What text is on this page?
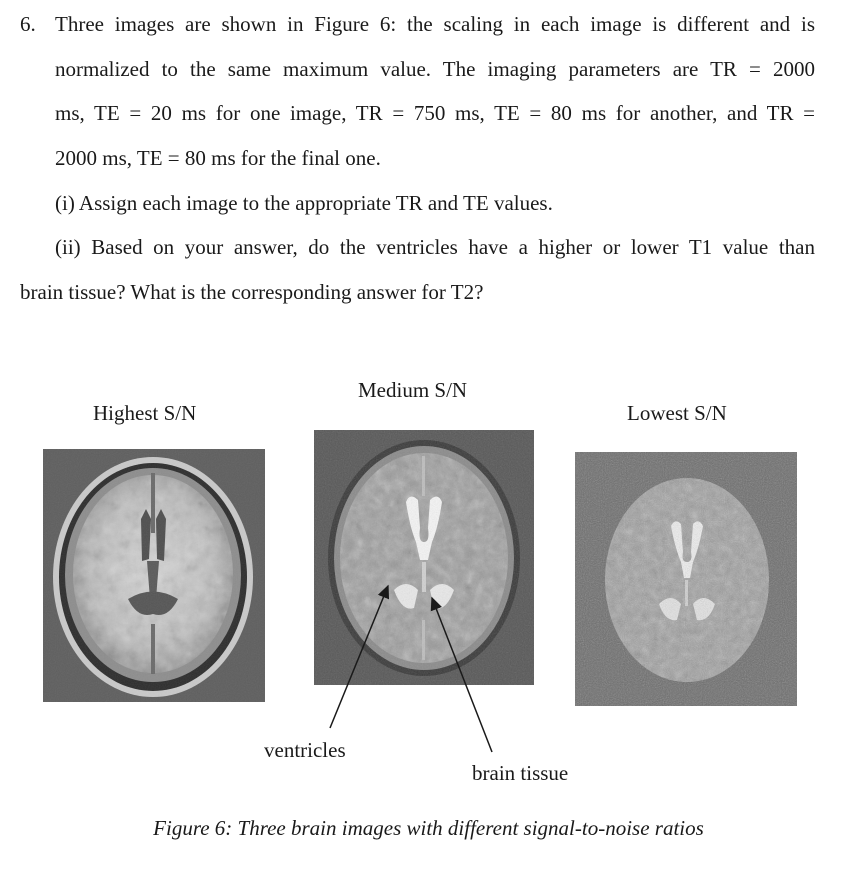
6. Three images are shown in Figure 6: the scaling in each image is different and is
normalized to the same maximum value. The imaging parameters are TR = 2000
ms, TE = 20 ms for one image, TR = 750 ms, TE = 80 ms for another, and TR =
2000 ms, TE = 80 ms for the final one.
(i) Assign each image to the appropriate TR and TE values.
(ii) Based on your answer, do the ventricles have a higher or lower T1 value than
brain tissue? What is the corresponding answer for T2?
Highest S/N
Medium S/N
Lowest S/N
ventricles
brain tissue
Figure 6: Three brain images with different signal-to-noise ratios
